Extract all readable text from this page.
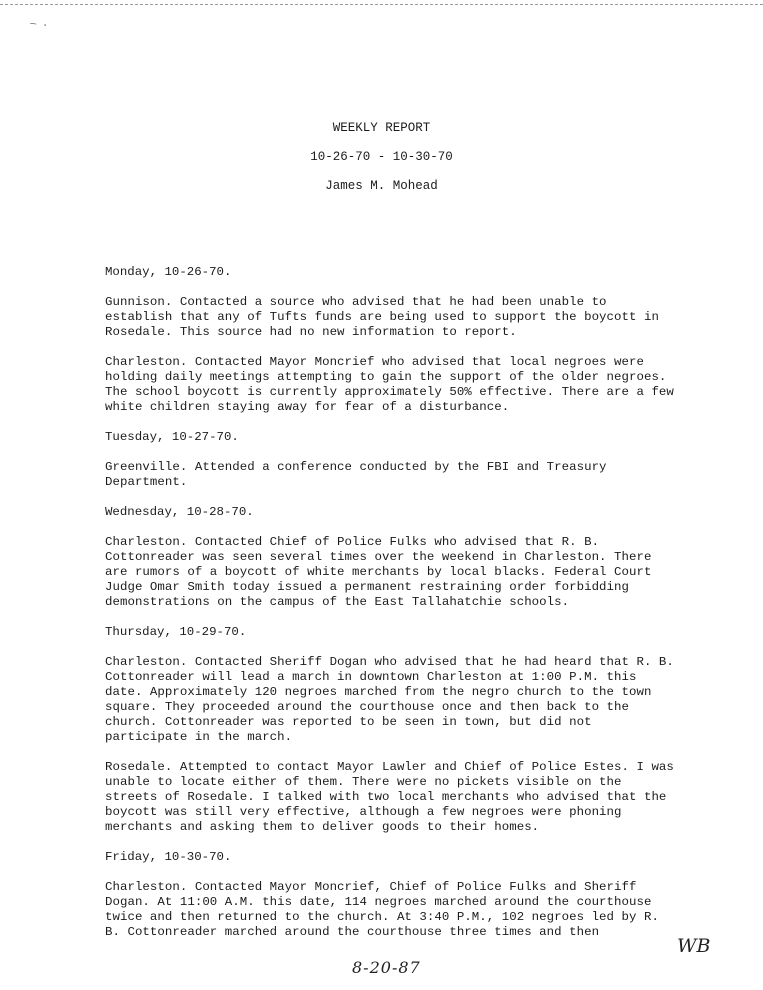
— ·
WEEKLY REPORT
10-26-70 - 10-30-70
James M. Mohead
Monday, 10-26-70.
Gunnison. Contacted a source who advised that he had been unable to establish that any of Tufts funds are being used to support the boycott in Rosedale. This source had no new information to report.
Charleston. Contacted Mayor Moncrief who advised that local negroes were holding daily meetings attempting to gain the support of the older negroes. The school boycott is currently approximately 50% effective. There are a few white children staying away for fear of a disturbance.
Tuesday, 10-27-70.
Greenville. Attended a conference conducted by the FBI and Treasury Department.
Wednesday, 10-28-70.
Charleston. Contacted Chief of Police Fulks who advised that R. B. Cottonreader was seen several times over the weekend in Charleston. There are rumors of a boycott of white merchants by local blacks. Federal Court Judge Omar Smith today issued a permanent restraining order forbidding demonstrations on the campus of the East Tallahatchie schools.
Thursday, 10-29-70.
Charleston. Contacted Sheriff Dogan who advised that he had heard that R. B. Cottonreader will lead a march in downtown Charleston at 1:00 P.M. this date. Approximately 120 negroes marched from the negro church to the town square. They proceeded around the courthouse once and then back to the church. Cottonreader was reported to be seen in town, but did not participate in the march.
Rosedale. Attempted to contact Mayor Lawler and Chief of Police Estes. I was unable to locate either of them. There were no pickets visible on the streets of Rosedale. I talked with two local merchants who advised that the boycott was still very effective, although a few negroes were phoning merchants and asking them to deliver goods to their homes.
Friday, 10-30-70.
Charleston. Contacted Mayor Moncrief, Chief of Police Fulks and Sheriff Dogan. At 11:00 A.M. this date, 114 negroes marched around the courthouse twice and then returned to the church. At 3:40 P.M., 102 negroes led by R. B. Cottonreader marched around the courthouse three times and then
WB
8-20-87
